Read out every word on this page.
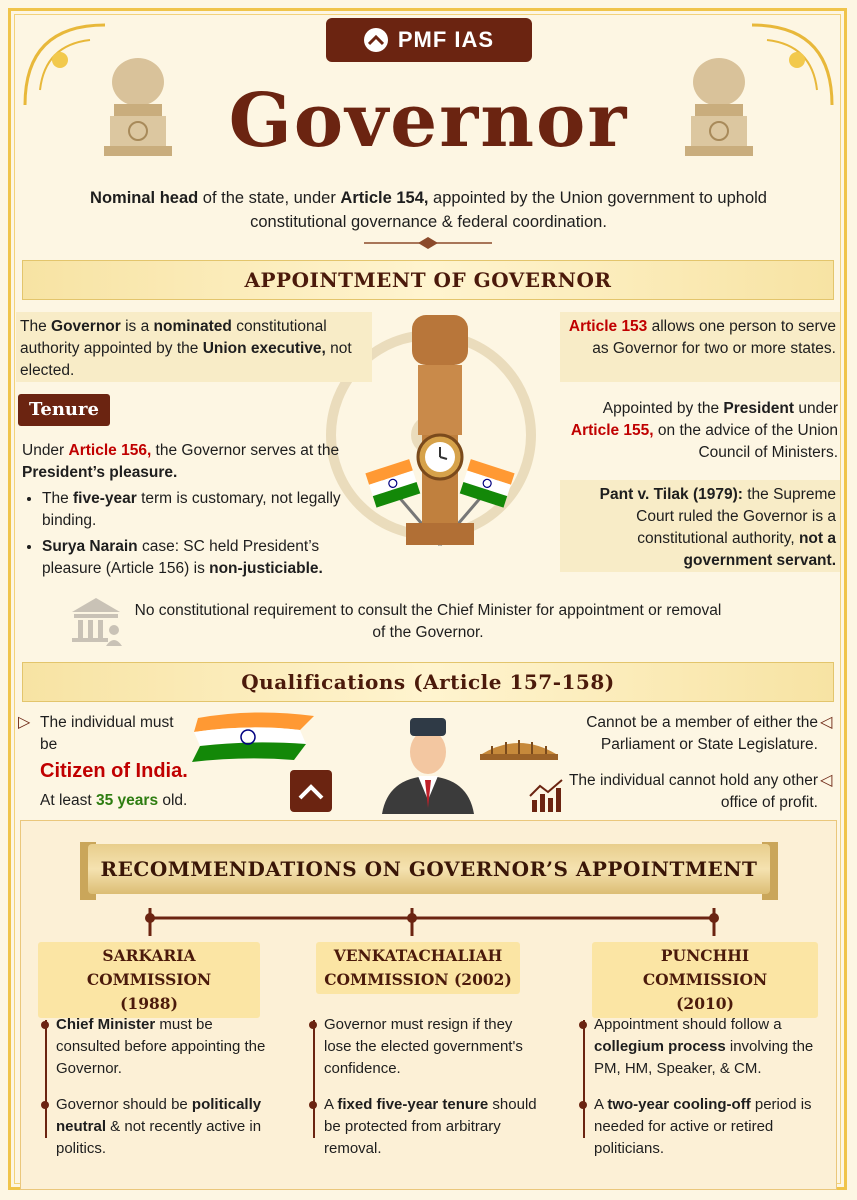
PMF IAS
Governor
Nominal head of the state, under Article 154, appointed by the Union government to uphold constitutional governance & federal coordination.
APPOINTMENT OF GOVERNOR
The Governor is a nominated constitutional authority appointed by the Union executive, not elected.
Tenure
Under Article 156, the Governor serves at the President’s pleasure.
• The five-year term is customary, not legally binding.
• Surya Narain case: SC held President’s pleasure (Article 156) is non-justiciable.
Article 153 allows one person to serve as Governor for two or more states.
Appointed by the President under Article 155, on the advice of the Union Council of Ministers.
Pant v. Tilak (1979): the Supreme Court ruled the Governor is a constitutional authority, not a government servant.
No constitutional requirement to consult the Chief Minister for appointment or removal of the Governor.
Qualifications (Article 157-158)
▷ The individual must be
Citizen of India.
At least 35 years old.
Cannot be a member of either the Parliament or State Legislature.
◁
The individual cannot hold any other office of profit.
◁
RECOMMENDATIONS ON GOVERNOR’S APPOINTMENT
SARKARIA COMMISSION
(1988)
Chief Minister must be consulted before appointing the Governor.
Governor should be politically neutral & not recently active in politics.
VENKATACHALIAH
COMMISSION (2002)
Governor must resign if they lose the elected government's confidence.
A fixed five-year tenure should be protected from arbitrary removal.
PUNCHHI COMMISSION
(2010)
Appointment should follow a collegium process involving the PM, HM, Speaker, & CM.
A two-year cooling-off period is needed for active or retired politicians.
